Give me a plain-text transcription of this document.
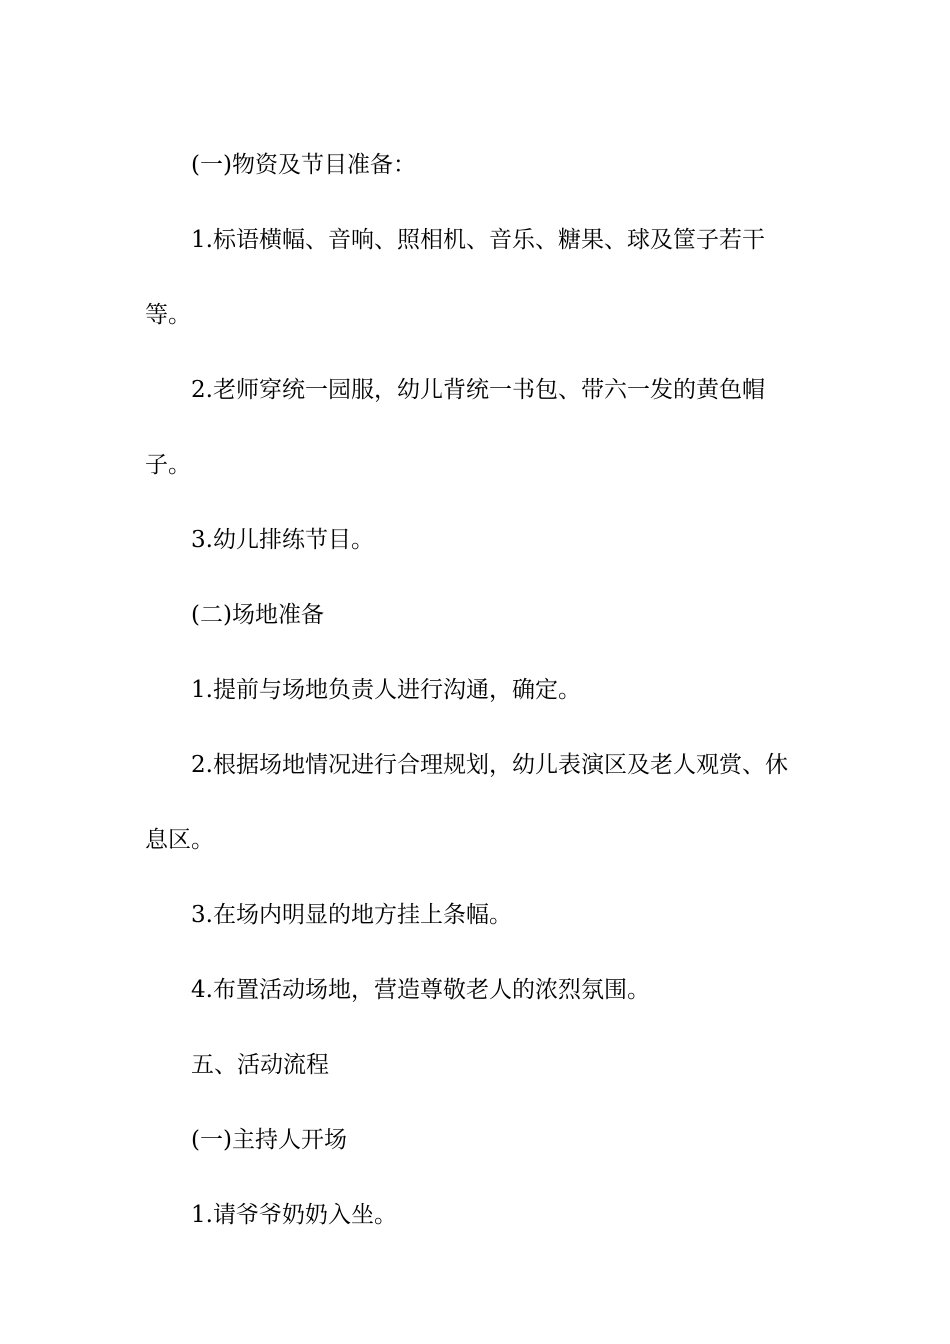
(一)物资及节目准备：

1.标语横幅、音响、照相机、音乐、糖果、球及筐子若干等。

2.老师穿统一园服，幼儿背统一书包、带六一发的黄色帽子。

3.幼儿排练节目。

(二)场地准备

1.提前与场地负责人进行沟通，确定。

2.根据场地情况进行合理规划，幼儿表演区及老人观赏、休息区。

3.在场内明显的地方挂上条幅。

4.布置活动场地，营造尊敬老人的浓烈氛围。

五、活动流程

(一)主持人开场

1.请爷爷奶奶入坐。
